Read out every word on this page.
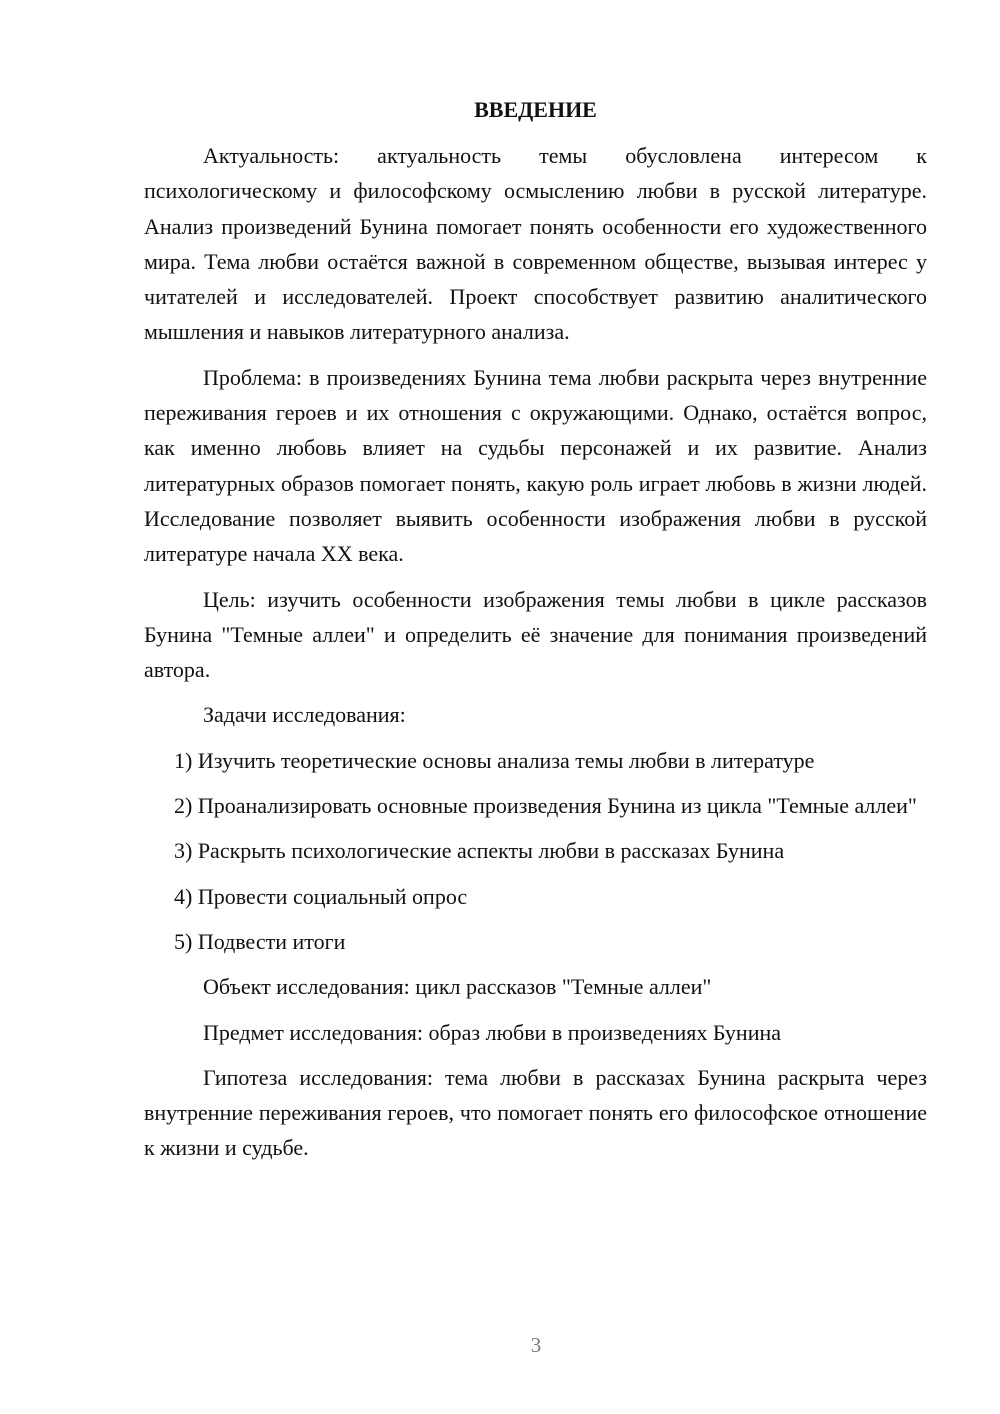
ВВЕДЕНИЕ

Актуальность: актуальность темы обусловлена интересом к психологическому и философскому осмыслению любви в русской литературе. Анализ произведений Бунина помогает понять особенности его художественного мира. Тема любви остаётся важной в современном обществе, вызывая интерес у читателей и исследователей. Проект способствует развитию аналитического мышления и навыков литературного анализа.

Проблема: в произведениях Бунина тема любви раскрыта через внутренние переживания героев и их отношения с окружающими. Однако, остаётся вопрос, как именно любовь влияет на судьбы персонажей и их развитие. Анализ литературных образов помогает понять, какую роль играет любовь в жизни людей. Исследование позволяет выявить особенности изображения любви в русской литературе начала XX века.

Цель: изучить особенности изображения темы любви в цикле рассказов Бунина "Темные аллеи" и определить её значение для понимания произведений автора.

Задачи исследования:

1) Изучить теоретические основы анализа темы любви в литературе

2) Проанализировать основные произведения Бунина из цикла "Темные аллеи"

3) Раскрыть психологические аспекты любви в рассказах Бунина

4) Провести социальный опрос

5) Подвести итоги

Объект исследования: цикл рассказов "Темные аллеи"

Предмет исследования: образ любви в произведениях Бунина

Гипотеза исследования: тема любви в рассказах Бунина раскрыта через внутренние переживания героев, что помогает понять его философское отношение к жизни и судьбе.

3
